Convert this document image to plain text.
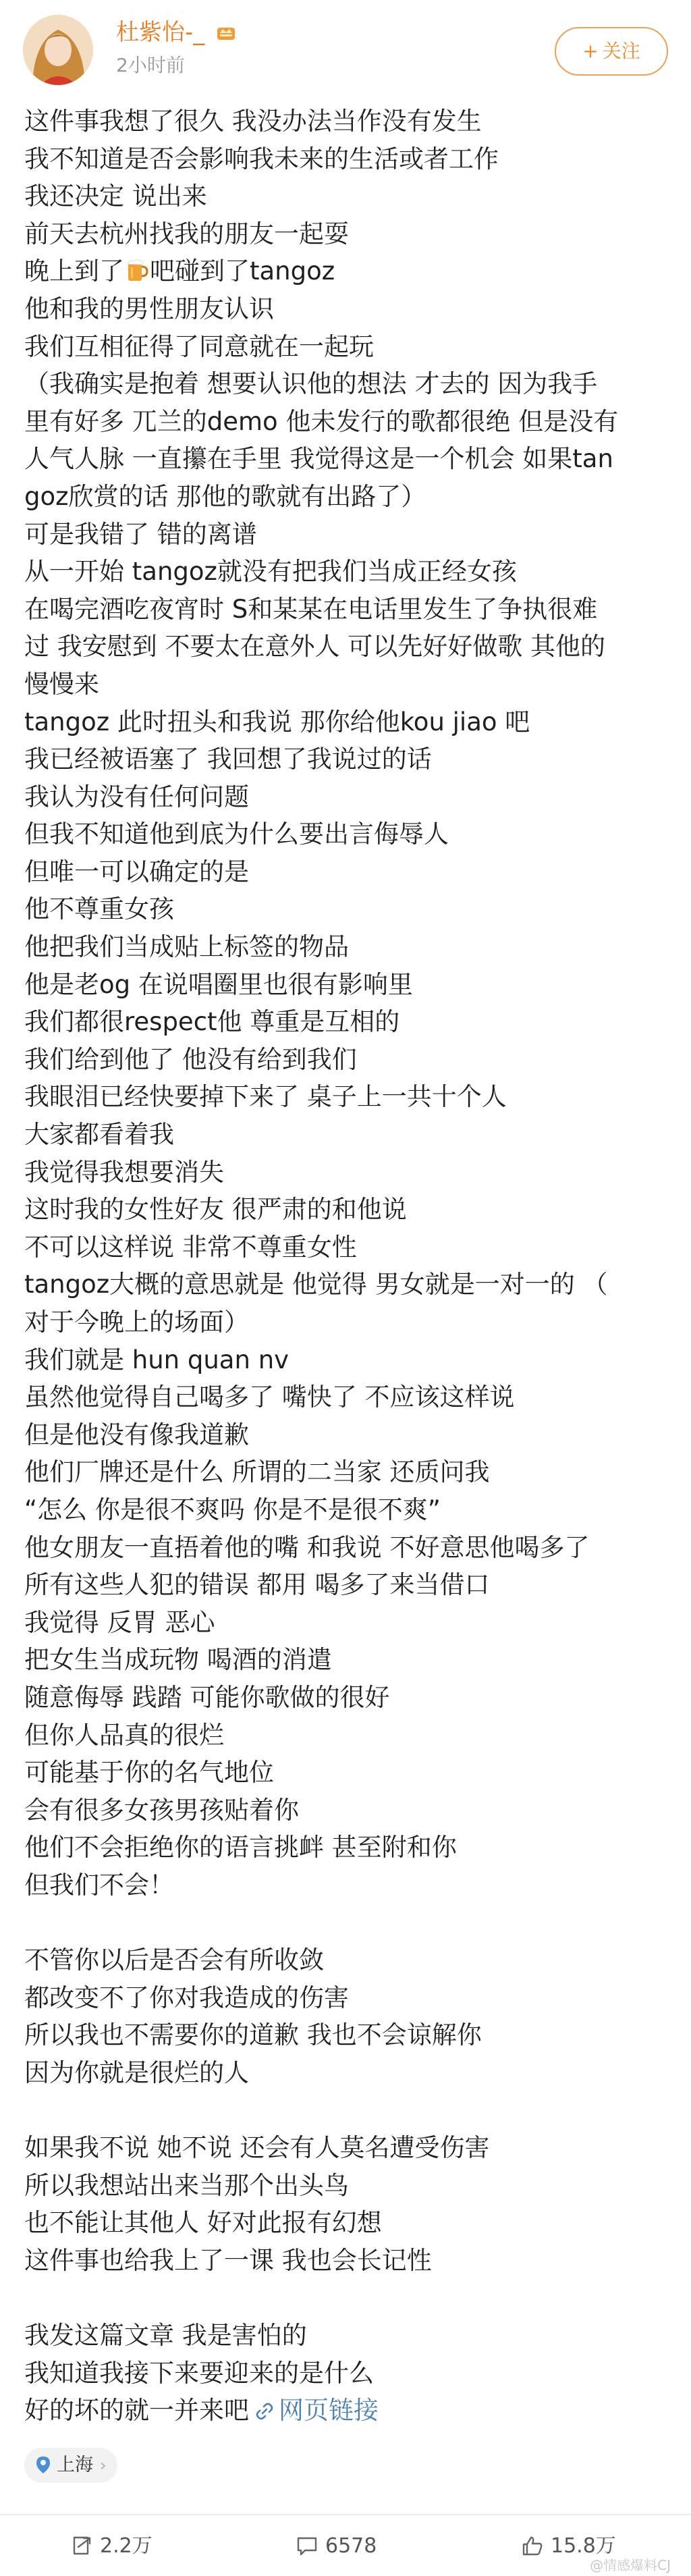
杜紫怡-_
2小时前
+ 关注
这件事我想了很久 我没办法当作没有发生
我不知道是否会影响我未来的生活或者工作
我还决定 说出来
前天去杭州找我的朋友一起耍
晚上到了 吧碰到了tangoz
他和我的男性朋友认识
我们互相征得了同意就在一起玩
（我确实是抱着 想要认识他的想法 才去的 因为我手
里有好多 兀兰的demo 他未发行的歌都很绝 但是没有
人气人脉 一直攥在手里 我觉得这是一个机会 如果tan
goz欣赏的话 那他的歌就有出路了）
可是我错了 错的离谱
从一开始 tangoz就没有把我们当成正经女孩
在喝完酒吃夜宵时 S和某某在电话里发生了争执很难
过 我安慰到 不要太在意外人 可以先好好做歌 其他的
慢慢来
tangoz 此时扭头和我说 那你给他kou jiao 吧
我已经被语塞了 我回想了我说过的话
我认为没有任何问题
但我不知道他到底为什么要出言侮辱人
但唯一可以确定的是
他不尊重女孩
他把我们当成贴上标签的物品
他是老og 在说唱圈里也很有影响里
我们都很respect他 尊重是互相的
我们给到他了 他没有给到我们
我眼泪已经快要掉下来了 桌子上一共十个人
大家都看着我
我觉得我想要消失
这时我的女性好友 很严肃的和他说
不可以这样说 非常不尊重女性
tangoz大概的意思就是 他觉得 男女就是一对一的 （
对于今晚上的场面）
我们就是 hun quan nv
虽然他觉得自己喝多了 嘴快了 不应该这样说
但是他没有像我道歉
他们厂牌还是什么 所谓的二当家 还质问我
“怎么 你是很不爽吗 你是不是很不爽”
他女朋友一直捂着他的嘴 和我说 不好意思他喝多了
所有这些人犯的错误 都用 喝多了来当借口
我觉得 反胃 恶心
把女生当成玩物 喝酒的消遣
随意侮辱 践踏 可能你歌做的很好
但你人品真的很烂
可能基于你的名气地位
会有很多女孩男孩贴着你
他们不会拒绝你的语言挑衅 甚至附和你
但我们不会！
不管你以后是否会有所收敛
都改变不了你对我造成的伤害
所以我也不需要你的道歉 我也不会谅解你
因为你就是很烂的人
如果我不说 她不说 还会有人莫名遭受伤害
所以我想站出来当那个出头鸟
也不能让其他人 好对此报有幻想
这件事也给我上了一课 我也会长记性
我发这篇文章 我是害怕的
我知道我接下来要迎来的是什么
好的坏的就一并来吧 网页链接
上海 ›
2.2万	6578	15.8万
@情感爆料CJ
